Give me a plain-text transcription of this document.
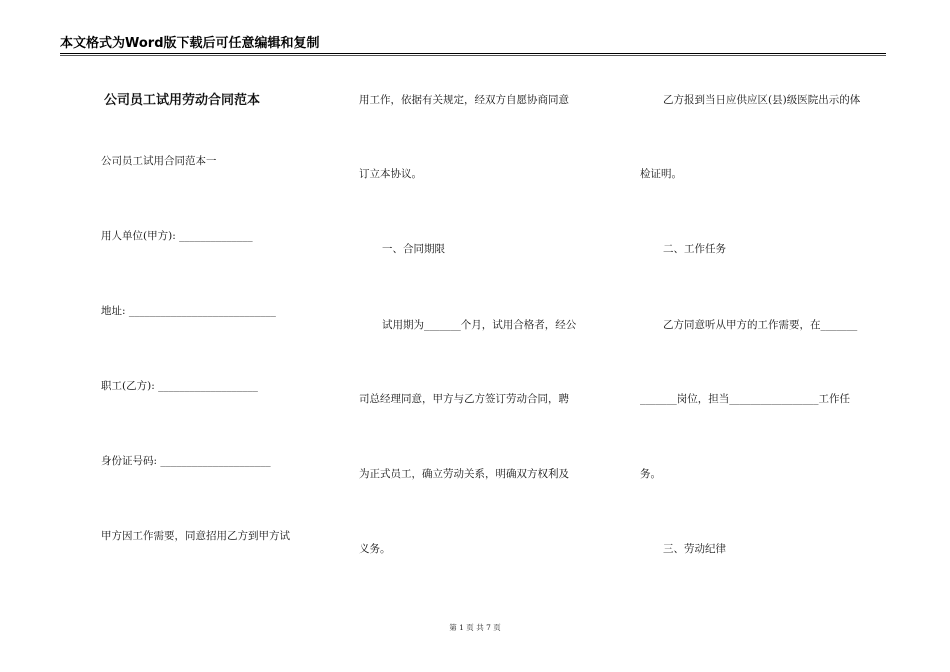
本文格式为Word版下载后可任意编辑和复制
公司员工试用劳动合同范本
公司员工试用合同范本一
用人单位(甲方): ______________
地址: ____________________________
职工(乙方): ___________________
身份证号码: _____________________
甲方因工作需要，同意招用乙方到甲方试
用工作，依据有关规定，经双方自愿协商同意
订立本协议。
一、合同期限
试用期为_______个月，试用合格者，经公
司总经理同意，甲方与乙方签订劳动合同，聘
为正式员工，确立劳动关系，明确双方权利及
义务。
乙方报到当日应供应区(县)级医院出示的体
检证明。
二、工作任务
乙方同意听从甲方的工作需要，在_______
_______岗位，担当_________________工作任
务。
三、劳动纪律
第 1 页 共 7 页
